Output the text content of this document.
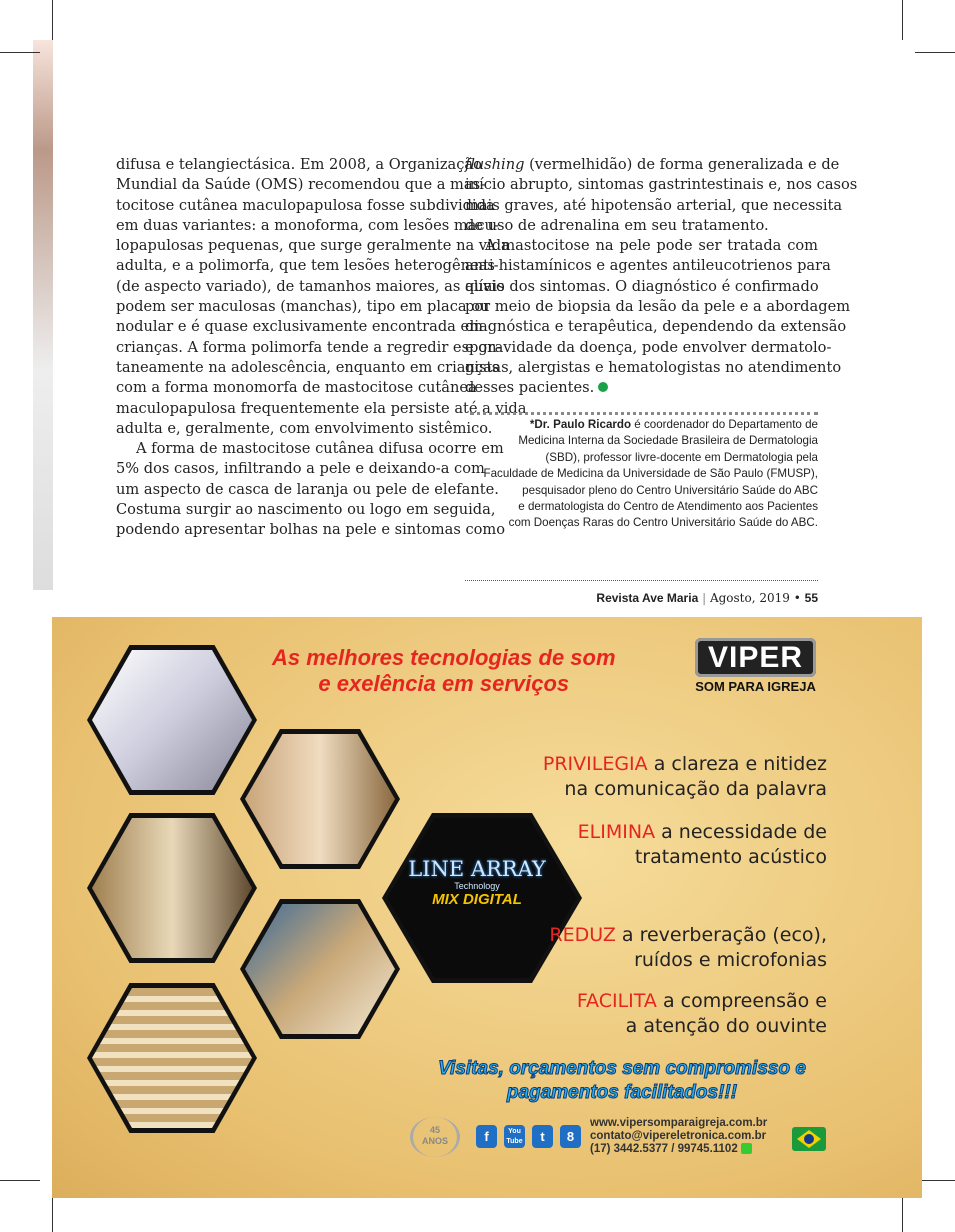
difusa e telangiectásica. Em 2008, a Organização
Mundial da Saúde (OMS) recomendou que a mas-
tocitose cutânea maculopapulosa fosse subdividida
em duas variantes: a monoforma, com lesões macu-
lopapulosas pequenas, que surge geralmente na vida
adulta, e a polimorfa, que tem lesões heterogêneas
(de aspecto variado), de tamanhos maiores, as quais
podem ser maculosas (manchas), tipo em placa ou
nodular e é quase exclusivamente encontrada em
crianças. A forma polimorfa tende a regredir espon-
taneamente na adolescência, enquanto em crianças
com a forma monomorfa de mastocitose cutânea
maculopapulosa frequentemente ela persiste até a vida
adulta e, geralmente, com envolvimento sistêmico.
A forma de mastocitose cutânea difusa ocorre em
5% dos casos, infiltrando a pele e deixando-a com
um aspecto de casca de laranja ou pele de elefante.
Costuma surgir ao nascimento ou logo em seguida,
podendo apresentar bolhas na pele e sintomas como
flushing (vermelhidão) de forma generalizada e de
início abrupto, sintomas gastrintestinais e, nos casos
mais graves, até hipotensão arterial, que necessita
de uso de adrenalina em seu tratamento.
A mastocitose na pele pode ser tratada com
anti-histamínicos e agentes antileucotrienos para
alívio dos sintomas. O diagnóstico é confirmado
por meio de biopsia da lesão da pele e a abordagem
diagnóstica e terapêutica, dependendo da extensão
e gravidade da doença, pode envolver dermatolo-
gistas, alergistas e hematologistas no atendimento
desses pacientes.
*Dr. Paulo Ricardo é coordenador do Departamento de
Medicina Interna da Sociedade Brasileira de Dermatologia
(SBD), professor livre-docente em Dermatologia pela
Faculdade de Medicina da Universidade de São Paulo (FMUSP),
pesquisador pleno do Centro Universitário Saúde do ABC
e dermatologista do Centro de Atendimento aos Pacientes
com Doenças Raras do Centro Universitário Saúde do ABC.
Revista Ave Maria | Agosto, 2019 • 55
LINE ARRAY
Technology
MIX DIGITAL
As melhores tecnologias de som
e exelência em serviços
VIPER
SOM PARA IGREJA
PRIVILEGIA a clareza e nitidez
na comunicação da palavra
ELIMINA a necessidade de
tratamento acústico
REDUZ a reverberação (eco),
ruídos e microfonias
FACILITA a compreensão e
a atenção do ouvinte
Visitas, orçamentos sem compromisso e
pagamentos facilitados!!!
45
ANOS	f	You Tube	t	8
www.vipersomparaigreja.com.br
contato@vipereletronica.com.br
(17) 3442.5377 / 99745.1102
